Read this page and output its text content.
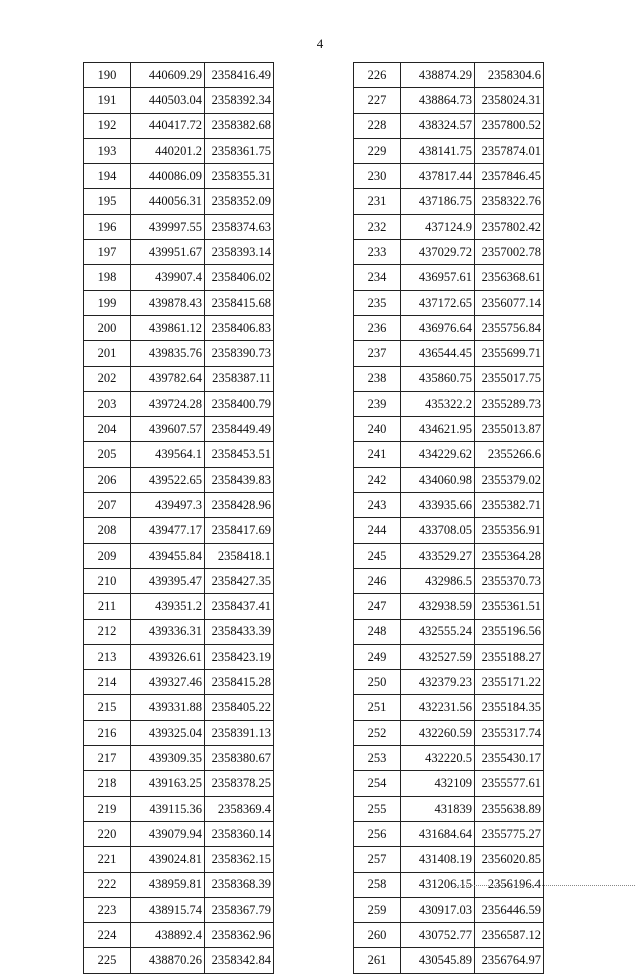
4
190	440609.29	2358416.49
191	440503.04	2358392.34
192	440417.72	2358382.68
193	440201.2	2358361.75
194	440086.09	2358355.31
195	440056.31	2358352.09
196	439997.55	2358374.63
197	439951.67	2358393.14
198	439907.4	2358406.02
199	439878.43	2358415.68
200	439861.12	2358406.83
201	439835.76	2358390.73
202	439782.64	2358387.11
203	439724.28	2358400.79
204	439607.57	2358449.49
205	439564.1	2358453.51
206	439522.65	2358439.83
207	439497.3	2358428.96
208	439477.17	2358417.69
209	439455.84	2358418.1
210	439395.47	2358427.35
211	439351.2	2358437.41
212	439336.31	2358433.39
213	439326.61	2358423.19
214	439327.46	2358415.28
215	439331.88	2358405.22
216	439325.04	2358391.13
217	439309.35	2358380.67
218	439163.25	2358378.25
219	439115.36	2358369.4
220	439079.94	2358360.14
221	439024.81	2358362.15
222	438959.81	2358368.39
223	438915.74	2358367.79
224	438892.4	2358362.96
225	438870.26	2358342.84
226	438874.29	2358304.6
227	438864.73	2358024.31
228	438324.57	2357800.52
229	438141.75	2357874.01
230	437817.44	2357846.45
231	437186.75	2358322.76
232	437124.9	2357802.42
233	437029.72	2357002.78
234	436957.61	2356368.61
235	437172.65	2356077.14
236	436976.64	2355756.84
237	436544.45	2355699.71
238	435860.75	2355017.75
239	435322.2	2355289.73
240	434621.95	2355013.87
241	434229.62	2355266.6
242	434060.98	2355379.02
243	433935.66	2355382.71
244	433708.05	2355356.91
245	433529.27	2355364.28
246	432986.5	2355370.73
247	432938.59	2355361.51
248	432555.24	2355196.56
249	432527.59	2355188.27
250	432379.23	2355171.22
251	432231.56	2355184.35
252	432260.59	2355317.74
253	432220.5	2355430.17
254	432109	2355577.61
255	431839	2355638.89
256	431684.64	2355775.27
257	431408.19	2356020.85
258	431206.15	2356196.4
259	430917.03	2356446.59
260	430752.77	2356587.12
261	430545.89	2356764.97
